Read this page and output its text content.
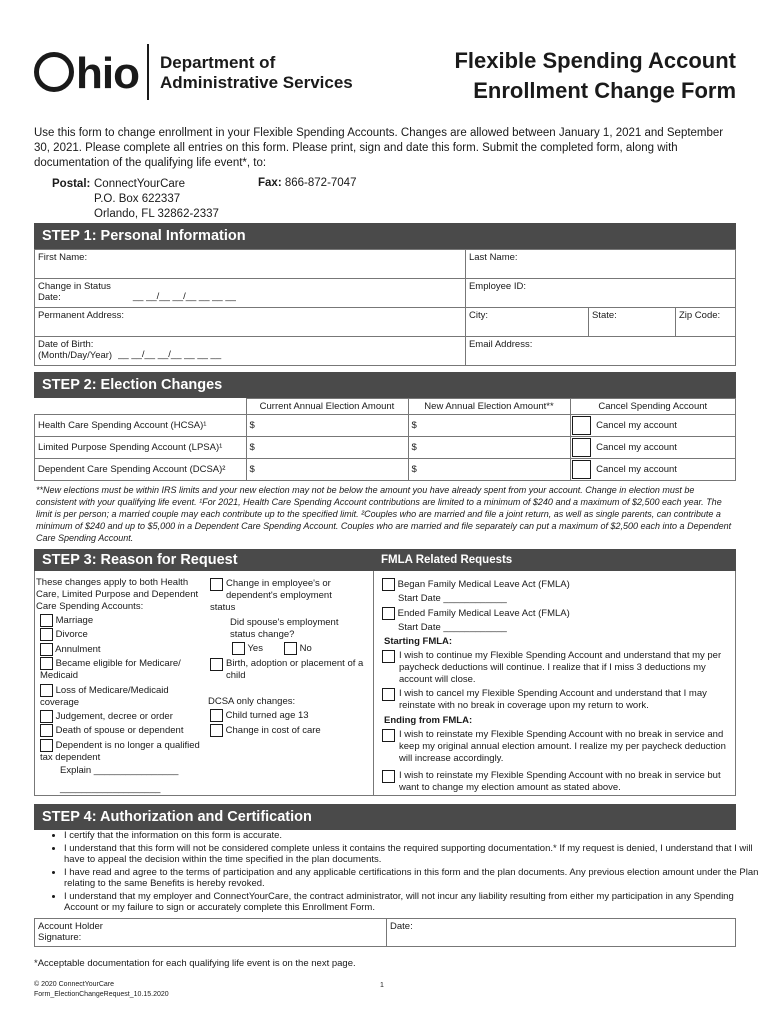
hio Department of
Administrative Services
Flexible Spending Account
Enrollment Change Form
Use this form to change enrollment in your Flexible Spending Accounts. Changes are allowed between January 1, 2021 and September 30, 2021. Please complete all entries on this form. Please print, sign and date this form. Submit the completed form, along with documentation of the qualifying life event*, to:
Postal: ConnectYourCare
P.O. Box 622337
Orlando, FL 32862-2337
Fax: 866-872-7047
STEP 1: Personal Information
First Name:	Last Name:		

Change in Status
Date: __ __/__ __/__ __ __ __	Employee ID:		
Permanent Address:	City:	State:	Zip Code:

Date of Birth:
(Month/Day/Year) __ __/__ __/__ __ __ __	Email Address:		
STEP 2: Election Changes
	Current Annual Election Amount	New Annual Election Amount**	Cancel Spending Account
Health Care Spending Account (HCSA)¹	$	$	Cancel my account
Limited Purpose Spending Account (LPSA)¹	$	$	Cancel my account
Dependent Care Spending Account (DCSA)²	$	$	Cancel my account
**New elections must be within IRS limits and your new election may not be below the amount you have already spent from your account. Change in election must be consistent with your qualifying life event. ¹For 2021, Health Care Spending Account contributions are limited to a minimum of $240 and a maximum of $2,500 each year. The limit is per person; a married couple may each contribute up to the specified limit. ²Couples who are married and file a joint return, as well as single parents, can contribute a minimum of $240 and up to $5,000 in a Dependent Care Spending Account. Couples who are married and file separately can put a maximum of $2,500 each into a Dependent Care Spending Account.
STEP 3: Reason for Request	FMLA Related Requests
These changes apply to both Health Care, Limited Purpose and Dependent Care Spending Accounts:
Marriage
Divorce
Annulment
Became eligible for Medicare/ Medicaid
Loss of Medicare/Medicaid coverage
Judgement, decree or order
Death of spouse or dependent
Dependent is no longer a qualified tax dependent
Explain ________________
___________________
Change in employee's or dependent's employment status
Did spouse's employment status change?
Yes	No
Birth, adoption or placement of a child
DCSA only changes:
Child turned age 13
Change in cost of care
Began Family Medical Leave Act (FMLA)
Start Date ____________
Ended Family Medical Leave Act (FMLA)
Start Date ____________
Starting FMLA:
I wish to continue my Flexible Spending Account and understand that my per paycheck deductions will continue. I realize that if I miss 3 deductions my account will close.
I wish to cancel my Flexible Spending Account and understand that I may reinstate with no break in coverage upon my return to work.
Ending from FMLA:
I wish to reinstate my Flexible Spending Account with no break in service and keep my original annual election amount. I realize my per paycheck deduction will increase accordingly.
I wish to reinstate my Flexible Spending Account with no break in service but want to change my election amount as stated above.
STEP 4: Authorization and Certification
• I certify that the information on this form is accurate.
• I understand that this form will not be considered complete unless it contains the required supporting documentation.* If my request is denied, I understand that I will have to appeal the decision within the time specified in the plan documents.
• I have read and agree to the terms of participation and any applicable certifications in this form and the plan documents. Any previous election amount under the Plan relating to the same Benefits is hereby revoked.
• I understand that my employer and ConnectYourCare, the contract administrator, will not incur any liability resulting from either my participation in any Spending Account or my failure to sign or accurately complete this Enrollment Form.
Account Holder
Signature:
	Date:
*Acceptable documentation for each qualifying life event is on the next page.
© 2020 ConnectYourCare
Form_ElectionChangeRequest_10.15.2020
1
